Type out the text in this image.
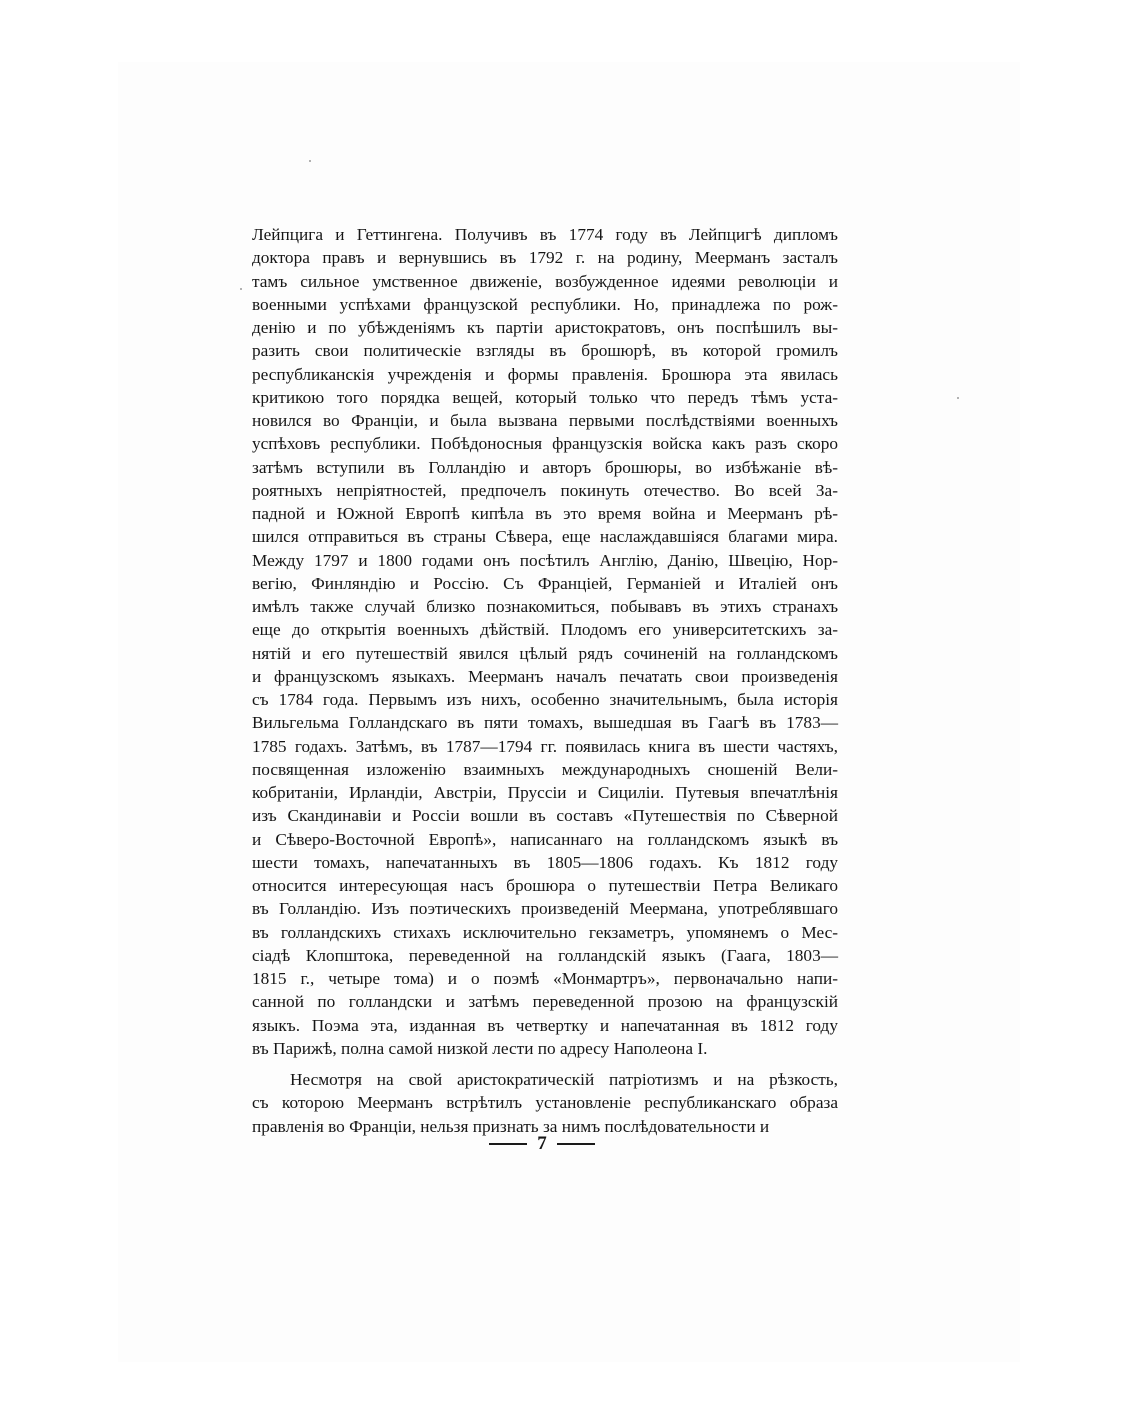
Лейпцига и Геттингена. Получивъ въ 1774 году въ Лейпцигѣ дипломъ
доктора правъ и вернувшись въ 1792 г. на родину, Меерманъ засталъ
тамъ сильное умственное движеніе, возбужденное идеями революціи и
военными успѣхами французской республики. Но, принадлежа по рож-
денію и по убѣжденіямъ къ партіи аристократовъ, онъ поспѣшилъ вы-
разить свои политическіе взгляды въ брошюрѣ, въ которой громилъ
республиканскія учрежденія и формы правленія. Брошюра эта явилась
критикою того порядка вещей, который только что передъ тѣмъ уста-
новился во Франціи, и была вызвана первыми послѣдствіями военныхъ
успѣховъ республики. Побѣдоносныя французскія войска какъ разъ скоро
затѣмъ вступили въ Голландію и авторъ брошюры, во избѣжаніе вѣ-
роятныхъ непріятностей, предпочелъ покинуть отечество. Во всей За-
падной и Южной Европѣ кипѣла въ это время война и Меерманъ рѣ-
шился отправиться въ страны Сѣвера, еще наслаждавшіяся благами мира.
Между 1797 и 1800 годами онъ посѣтилъ Англію, Данію, Швецію, Нор-
вегію, Финляндію и Россію. Съ Франціей, Германіей и Италіей онъ
имѣлъ также случай близко познакомиться, побывавъ въ этихъ странахъ
еще до открытія военныхъ дѣйствій. Плодомъ его университетскихъ за-
нятій и его путешествій явился цѣлый рядъ сочиненій на голландскомъ
и французскомъ языкахъ. Меерманъ началъ печатать свои произведенія
съ 1784 года. Первымъ изъ нихъ, особенно значительнымъ, была исторія
Вильгельма Голландскаго въ пяти томахъ, вышедшая въ Гаагѣ въ 1783—
1785 годахъ. Затѣмъ, въ 1787—1794 гг. появилась книга въ шести частяхъ,
посвященная изложенію взаимныхъ международныхъ сношеній Вели-
кобританіи, Ирландіи, Австріи, Пруссіи и Сициліи. Путевыя впечатлѣнія
изъ Скандинавіи и Россіи вошли въ составъ «Путешествія по Сѣверной
и Сѣверо-Восточной Европѣ», написаннаго на голландскомъ языкѣ въ
шести томахъ, напечатанныхъ въ 1805—1806 годахъ. Къ 1812 году
относится интересующая насъ брошюра о путешествіи Петра Великаго
въ Голландію. Изъ поэтическихъ произведеній Меермана, употреблявшаго
въ голландскихъ стихахъ исключительно гекзаметръ, упомянемъ о Мес-
сіадѣ Клопштока, переведенной на голландскій языкъ (Гаага, 1803—
1815 г., четыре тома) и о поэмѣ «Монмартръ», первоначально напи-
санной по голландски и затѣмъ переведенной прозою на французскій
языкъ. Поэма эта, изданная въ четвертку и напечатанная въ 1812 году
въ Парижѣ, полна самой низкой лести по адресу Наполеона I.
Несмотря на свой аристократическій патріотизмъ и на рѣзкость,
съ которою Меерманъ встрѣтилъ установленіе республиканскаго образа
правленія во Франціи, нельзя признать за нимъ послѣдовательности и
7
